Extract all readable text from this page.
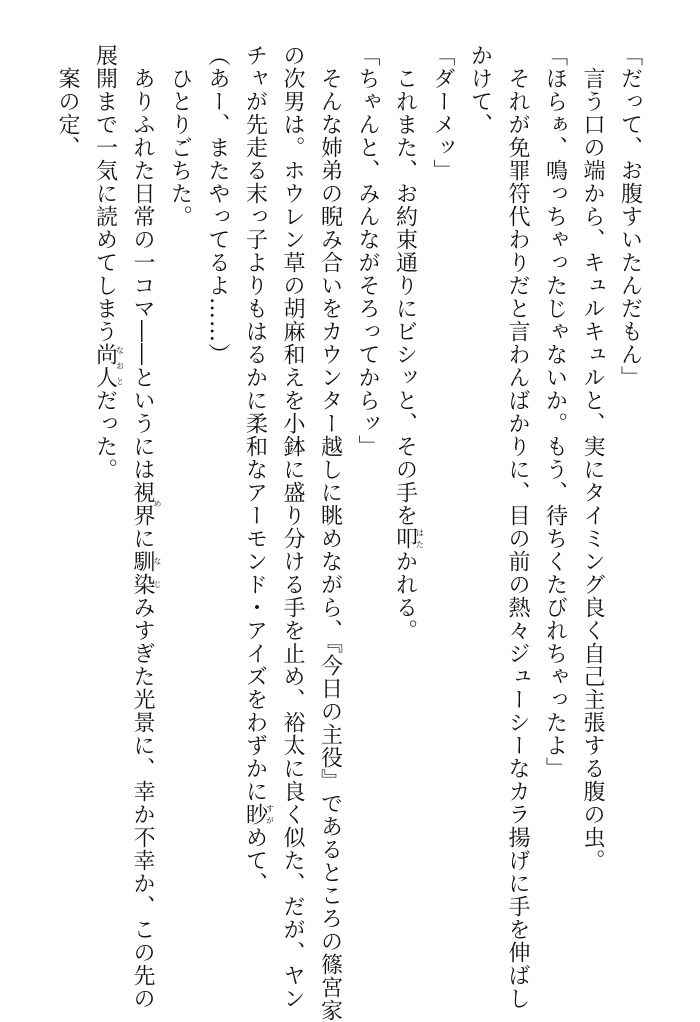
「だって、お腹すいたんだもん」
　言う口の端から、キュルキュルと、実にタイミング良く自己主張する腹の虫。
「ほらぁ、鳴っちゃったじゃないか。もう、待ちくたびれちゃったよ」
　それが免罪符代わりだと言わんばかりに、目の前の熱々ジューシーなカラ揚げに手を伸ばし
かけて、
「ダーメッ」
　これまた、お約束通りにビシッと、その手を叩はたかれる。
「ちゃんと、みんながそろってからッ」
　そんな姉弟の睨み合いをカウンター越しに眺めながら、『今日の主役』であるところの篠宮家
の次男は。ホウレン草の胡麻和えを小鉢に盛り分ける手を止め、裕太に良く似た、だが、ヤン
チャが先走る末っ子よりもはるかに柔和なアーモンド・アイズをわずかに眇すがめて、
（あー、またやってるよ……）
　ひとりごちた。
　ありふれた日常の一コマ――というには視界めに馴染なじみすぎた光景に、幸か不幸か、この先の
展開まで一気に読めてしまう尚人なおとだった。
　案の定、
